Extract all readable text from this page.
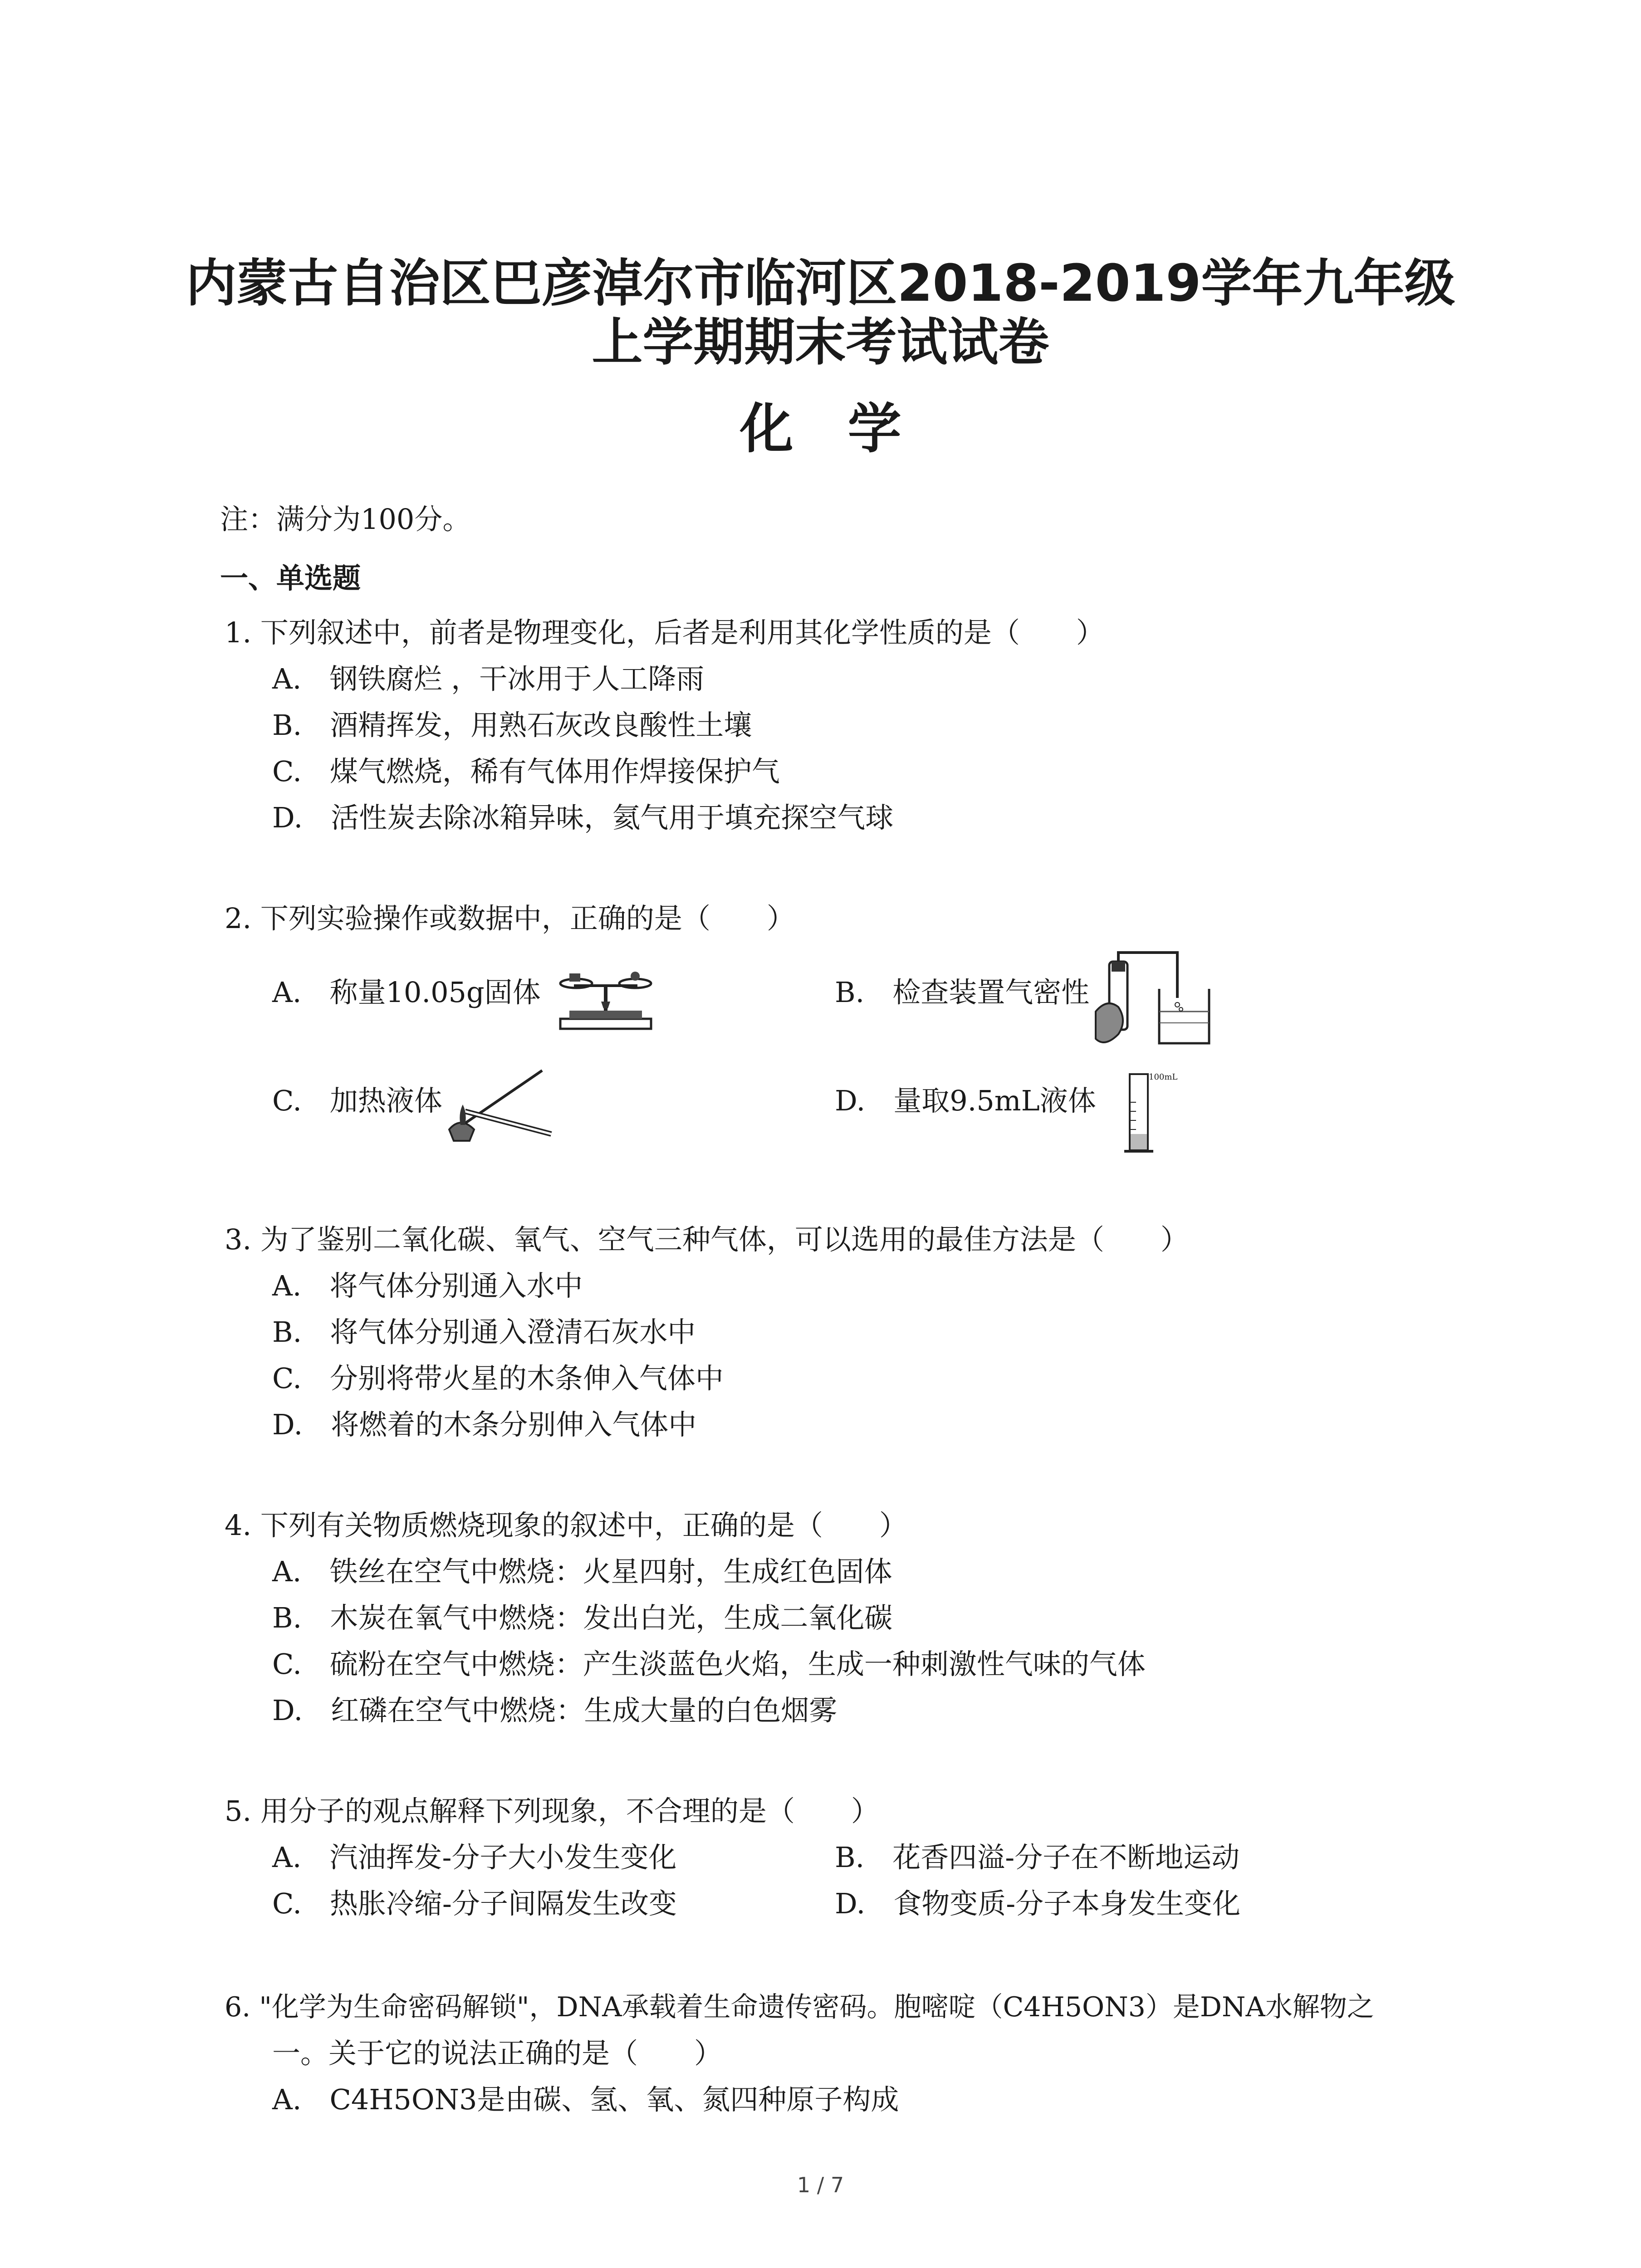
内蒙古自治区巴彦淖尔市临河区2018-2019学年九年级
上学期期末考试试卷
化学
注：满分为100分。
一、单选题
1. 下列叙述中，前者是物理变化，后者是利用其化学性质的是（　　）
A.　钢铁腐烂 ，干冰用于人工降雨
B.　酒精挥发，用熟石灰改良酸性土壤
C.　煤气燃烧，稀有气体用作焊接保护气
D.　活性炭去除冰箱异味，氦气用于填充探空气球
2. 下列实验操作或数据中，正确的是（　　）
A.　称量10.05g固体	B.　检查装置气密性
C.　加热液体	D.　量取9.5mL液体
100mL
3. 为了鉴别二氧化碳、氧气、空气三种气体，可以选用的最佳方法是（　　）
A.　将气体分别通入水中
B.　将气体分别通入澄清石灰水中
C.　分别将带火星的木条伸入气体中
D.　将燃着的木条分别伸入气体中
4. 下列有关物质燃烧现象的叙述中，正确的是（　　）
A.　铁丝在空气中燃烧：火星四射，生成红色固体
B.　木炭在氧气中燃烧：发出白光，生成二氧化碳
C.　硫粉在空气中燃烧：产生淡蓝色火焰，生成一种刺激性气味的气体
D.　红磷在空气中燃烧：生成大量的白色烟雾
5. 用分子的观点解释下列现象，不合理的是（　　）
A.　汽油挥发-分子大小发生变化	B.　花香四溢-分子在不断地运动
C.　热胀冷缩-分子间隔发生改变	D.　食物变质-分子本身发生变化
6. "化学为生命密码解锁"，DNA承载着生命遗传密码。胞嘧啶（C4H5ON3）是DNA水解物之
一。关于它的说法正确的是（　　）
A.　C4H5ON3是由碳、氢、氧、氮四种原子构成
1 / 7
